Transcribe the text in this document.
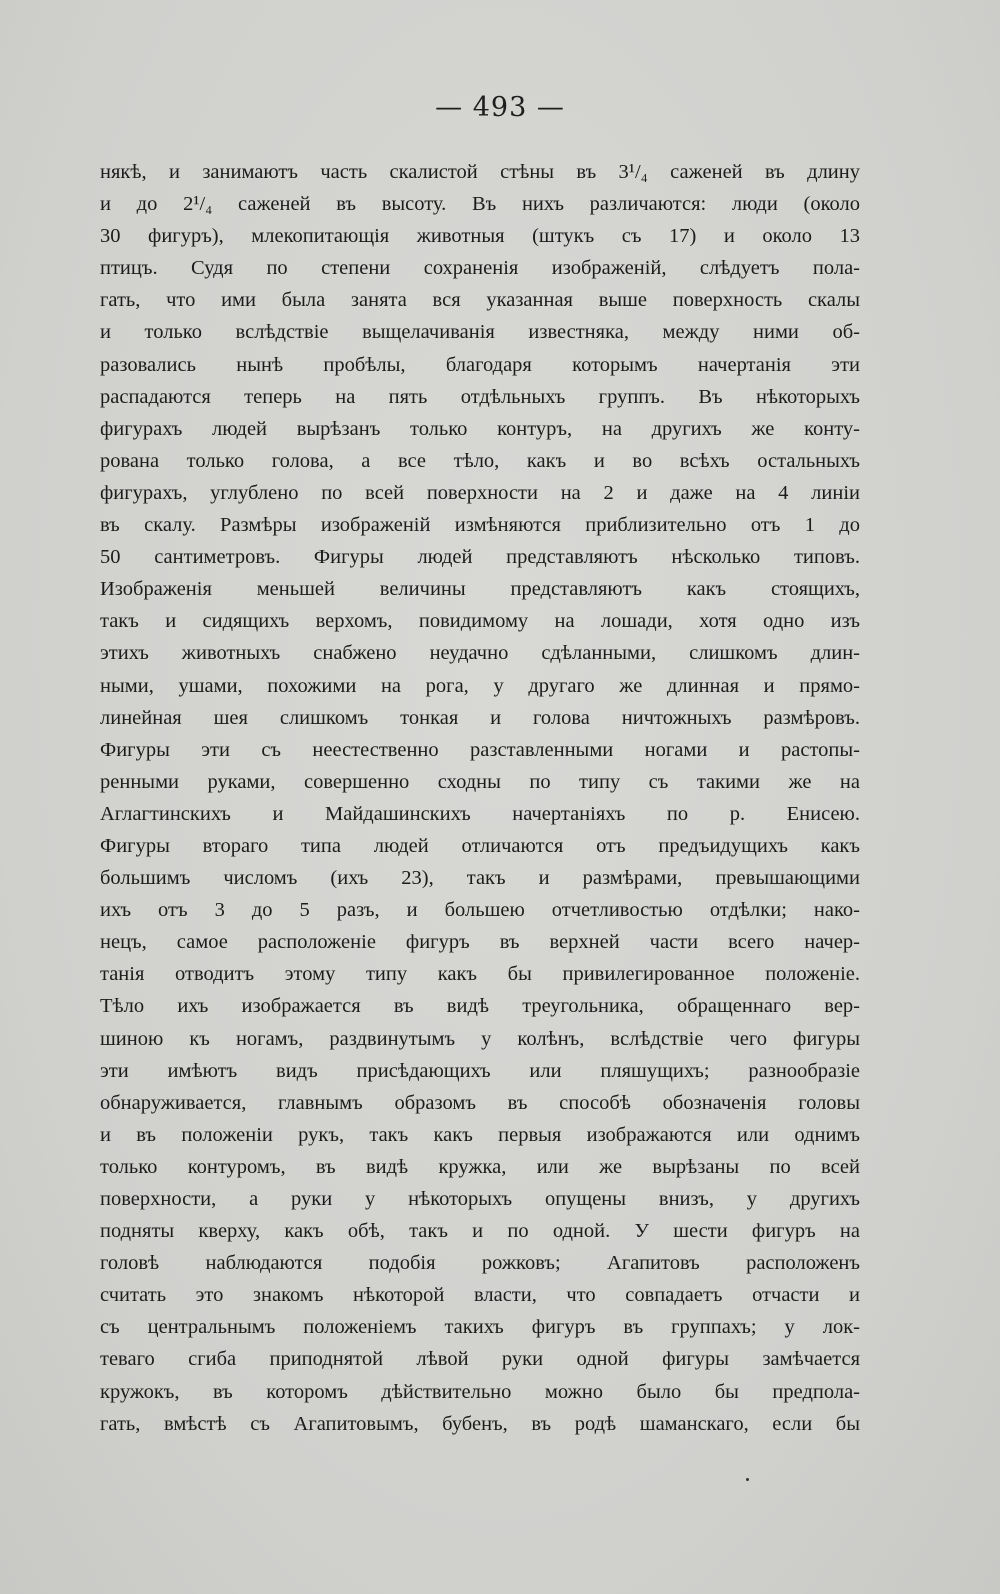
— 493 —
някѣ, и занимаютъ часть скалистой стѣны въ 3¹/₄ саженей въ длину
и до 2¹/₄ саженей въ высоту. Въ нихъ различаются: люди (около
30 фигуръ), млекопитающія животныя (штукъ съ 17) и около 13
птицъ. Судя по степени сохраненія изображеній, слѣдуетъ пола-
гать, что ими была занята вся указанная выше поверхность скалы
и только вслѣдствіе выщелачиванія известняка, между ними об-
разовались нынѣ пробѣлы, благодаря которымъ начертанія эти
распадаются теперь на пять отдѣльныхъ группъ. Въ нѣкоторыхъ
фигурахъ людей вырѣзанъ только контуръ, на другихъ же конту-
рована только голова, а все тѣло, какъ и во всѣхъ остальныхъ
фигурахъ, углублено по всей поверхности на 2 и даже на 4 линіи
въ скалу. Размѣры изображеній измѣняются приблизительно отъ 1 до
50 сантиметровъ. Фигуры людей представляютъ нѣсколько типовъ.
Изображенія меньшей величины представляютъ какъ стоящихъ,
такъ и сидящихъ верхомъ, повидимому на лошади, хотя одно изъ
этихъ животныхъ снабжено неудачно сдѣланными, слишкомъ длин-
ными, ушами, похожими на рога, у другаго же длинная и прямо-
линейная шея слишкомъ тонкая и голова ничтожныхъ размѣровъ.
Фигуры эти съ неестественно разставленными ногами и растопы-
ренными руками, совершенно сходны по типу съ такими же на
Аглагтинскихъ и Майдашинскихъ начертаніяхъ по р. Енисею.
Фигуры втораго типа людей отличаются отъ предъидущихъ какъ
большимъ числомъ (ихъ 23), такъ и размѣрами, превышающими
ихъ отъ 3 до 5 разъ, и большею отчетливостью отдѣлки; нако-
нецъ, самое расположеніе фигуръ въ верхней части всего начер-
танія отводитъ этому типу какъ бы привилегированное положеніе.
Тѣло ихъ изображается въ видѣ треугольника, обращеннаго вер-
шиною къ ногамъ, раздвинутымъ у колѣнъ, вслѣдствіе чего фигуры
эти имѣютъ видъ присѣдающихъ или пляшущихъ; разнообразіе
обнаруживается, главнымъ образомъ въ способѣ обозначенія головы
и въ положеніи рукъ, такъ какъ первыя изображаются или однимъ
только контуромъ, въ видѣ кружка, или же вырѣзаны по всей
поверхности, а руки у нѣкоторыхъ опущены внизъ, у другихъ
подняты кверху, какъ обѣ, такъ и по одной. У шести фигуръ на
головѣ наблюдаются подобія рожковъ; Агапитовъ расположенъ
считать это знакомъ нѣкоторой власти, что совпадаетъ отчасти и
съ центральнымъ положеніемъ такихъ фигуръ въ группахъ; у лок-
теваго сгиба приподнятой лѣвой руки одной фигуры замѣчается
кружокъ, въ которомъ дѣйствительно можно было бы предпола-
гать, вмѣстѣ съ Агапитовымъ, бубенъ, въ родѣ шаманскаго, если бы
